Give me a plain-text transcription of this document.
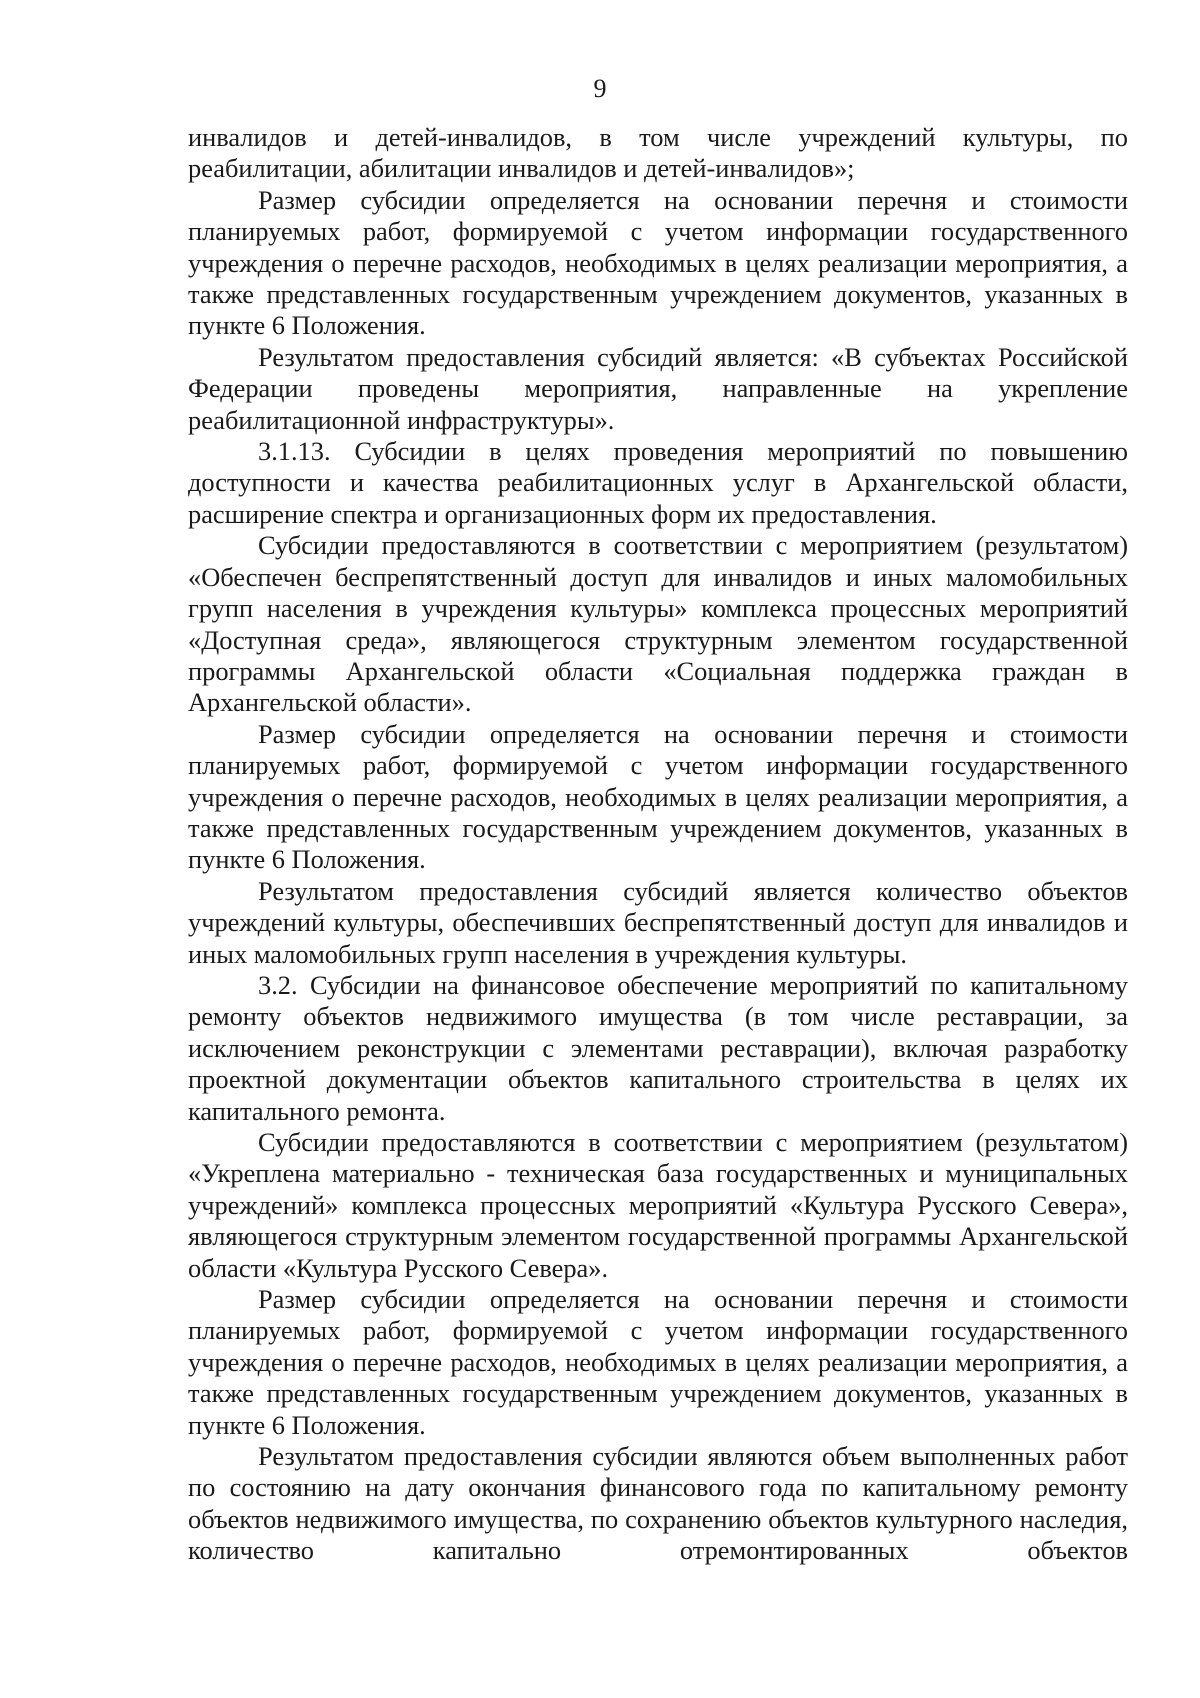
9

инвалидов и детей-инвалидов, в том числе учреждений культуры, по реабилитации, абилитации инвалидов и детей-инвалидов»;

Размер субсидии определяется на основании перечня и стоимости планируемых работ, формируемой с учетом информации государственного учреждения о перечне расходов, необходимых в целях реализации мероприятия, а также представленных государственным учреждением документов, указанных в пункте 6 Положения.

Результатом предоставления субсидий является: «В субъектах Российской Федерации проведены мероприятия, направленные на укрепление реабилитационной инфраструктуры».

3.1.13. Субсидии в целях проведения мероприятий по повышению доступности и качества реабилитационных услуг в Архангельской области, расширение спектра и организационных форм их предоставления.

Субсидии предоставляются в соответствии с мероприятием (результатом) «Обеспечен беспрепятственный доступ для инвалидов и иных маломобильных групп населения в учреждения культуры» комплекса процессных мероприятий «Доступная среда», являющегося структурным элементом государственной программы Архангельской области «Социальная поддержка граждан в Архангельской области».

Размер субсидии определяется на основании перечня и стоимости планируемых работ, формируемой с учетом информации государственного учреждения о перечне расходов, необходимых в целях реализации мероприятия, а также представленных государственным учреждением документов, указанных в пункте 6 Положения.

Результатом предоставления субсидий является количество объектов учреждений культуры, обеспечивших беспрепятственный доступ для инвалидов и иных маломобильных групп населения в учреждения культуры.

3.2. Субсидии на финансовое обеспечение мероприятий по капитальному ремонту объектов недвижимого имущества (в том числе реставрации, за исключением реконструкции с элементами реставрации), включая разработку проектной документации объектов капитального строительства в целях их капитального ремонта.

Субсидии предоставляются в соответствии с мероприятием (результатом) «Укреплена материально - техническая база государственных и муниципальных учреждений» комплекса процессных мероприятий «Культура Русского Севера», являющегося структурным элементом государственной программы Архангельской области «Культура Русского Севера».

Размер субсидии определяется на основании перечня и стоимости планируемых работ, формируемой с учетом информации государственного учреждения о перечне расходов, необходимых в целях реализации мероприятия, а также представленных государственным учреждением документов, указанных в пункте 6 Положения.

Результатом предоставления субсидии являются объем выполненных работ по состоянию на дату окончания финансового года по капитальному ремонту объектов недвижимого имущества, по сохранению объектов культурного наследия, количество капитально отремонтированных объектов
